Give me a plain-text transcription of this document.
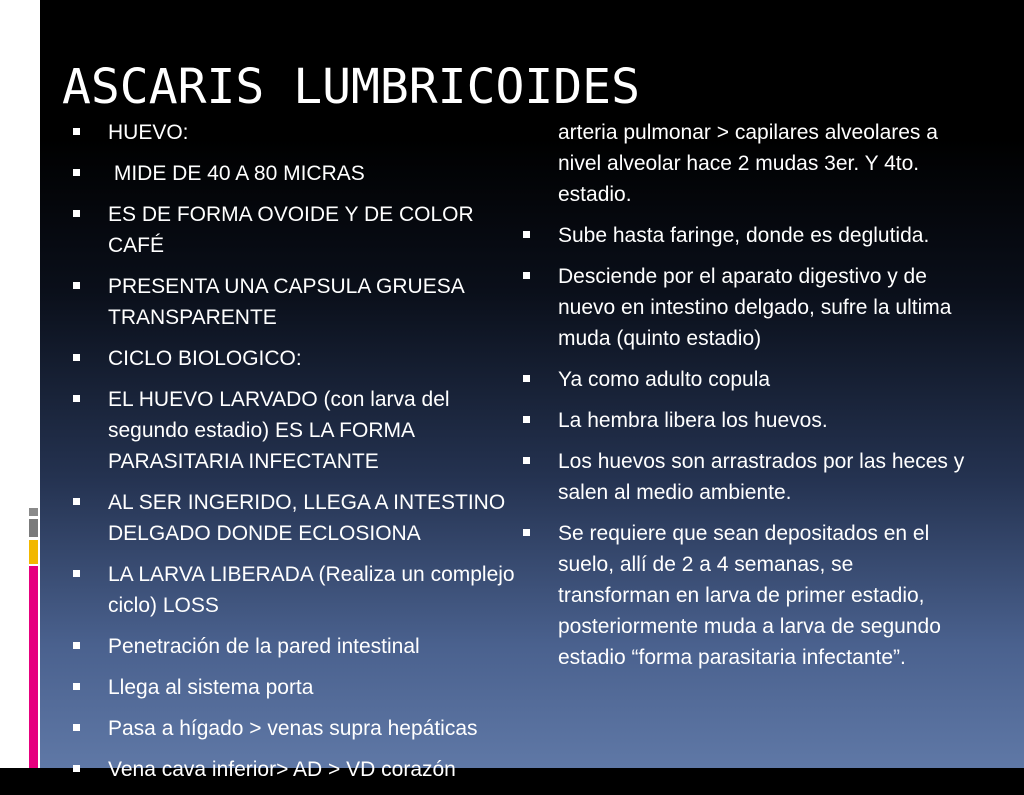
ASCARIS LUMBRICOIDES
HUEVO:
MIDE DE 40 A 80 MICRAS
ES DE FORMA OVOIDE Y DE COLOR CAFÉ
PRESENTA UNA CAPSULA GRUESA TRANSPARENTE
CICLO BIOLOGICO:
EL HUEVO LARVADO (con larva del segundo estadio) ES LA FORMA PARASITARIA INFECTANTE
AL SER INGERIDO, LLEGA A INTESTINO DELGADO DONDE ECLOSIONA
LA LARVA LIBERADA (Realiza un complejo ciclo) LOSS
Penetración de la pared intestinal
Llega al sistema porta
Pasa a hígado > venas supra hepáticas
Vena cava inferior> AD > VD corazón
arteria pulmonar > capilares alveolares a nivel alveolar hace 2 mudas 3er. Y 4to. estadio.
Sube hasta faringe, donde es deglutida.
Desciende por el aparato digestivo y de nuevo en intestino delgado, sufre la ultima muda (quinto estadio)
Ya como adulto copula
La hembra libera los huevos.
Los huevos son arrastrados por las heces y salen al medio ambiente.
Se requiere que sean depositados en el suelo, allí de 2 a 4 semanas, se transforman en larva de primer estadio, posteriormente muda a larva de segundo estadio “forma parasitaria infectante”.
